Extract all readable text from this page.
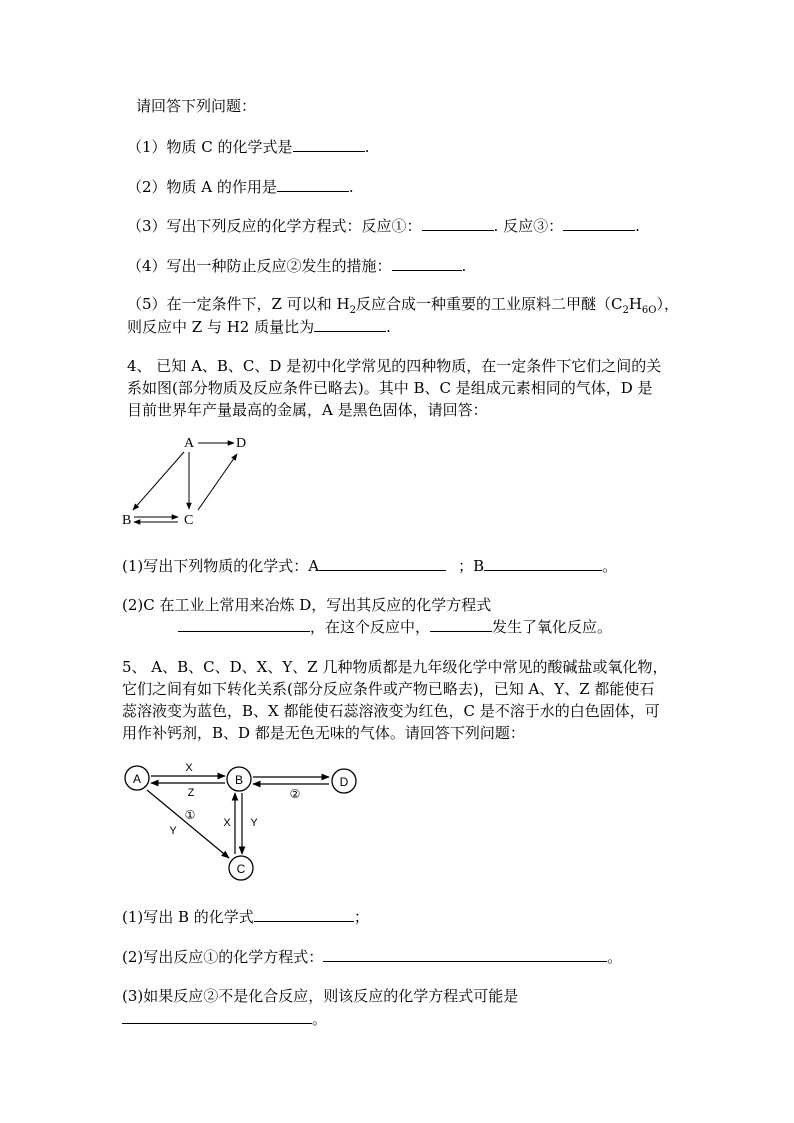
请回答下列问题：
（1）物质 C 的化学式是	.
（2）物质 A 的作用是	.
（3）写出下列反应的化学方程式：反应①：	. 反应③：	.
（4）写出一种防止反应②发生的措施：	.
（5）在一定条件下，Z 可以和 $H_2$反应合成一种重要的工业原料二甲醚$(C_2H_{6O})$，
则反应中 Z 与 H2 质量比为	.
4、 已知 A、B、C、D 是初中化学常见的四种物质，在一定条件下它们之间的关
系如图(部分物质及反应条件已略去)。其中 B、C 是组成元素相同的气体，D 是
目前世界年产量最高的金属，A 是黑色固体，请回答：
A	D
B	C
(1)写出下列物质的化学式：A	；B	。
(2)C 在工业上常用来冶炼 D，写出其反应的化学方程式
，在这个反应中，	发生了氧化反应。
5、 A、B、C、D、X、Y、Z 几种物质都是九年级化学中常见的酸碱盐或氧化物，
它们之间有如下转化关系(部分反应条件或产物已略去)，已知 A、Y、Z 都能使石
蕊溶液变为蓝色，B、X 都能使石蕊溶液变为红色，C 是不溶于水的白色固体，可
用作补钙剂，B、D 都是无色无味的气体。请回答下列问题：
A	B	D
C
X
Z	②
①
Y
X Y
(1)写出 B 的化学式	；
(2)写出反应①的化学方程式：	。
(3)如果反应②不是化合反应，则该反应的化学方程式可能是
。
